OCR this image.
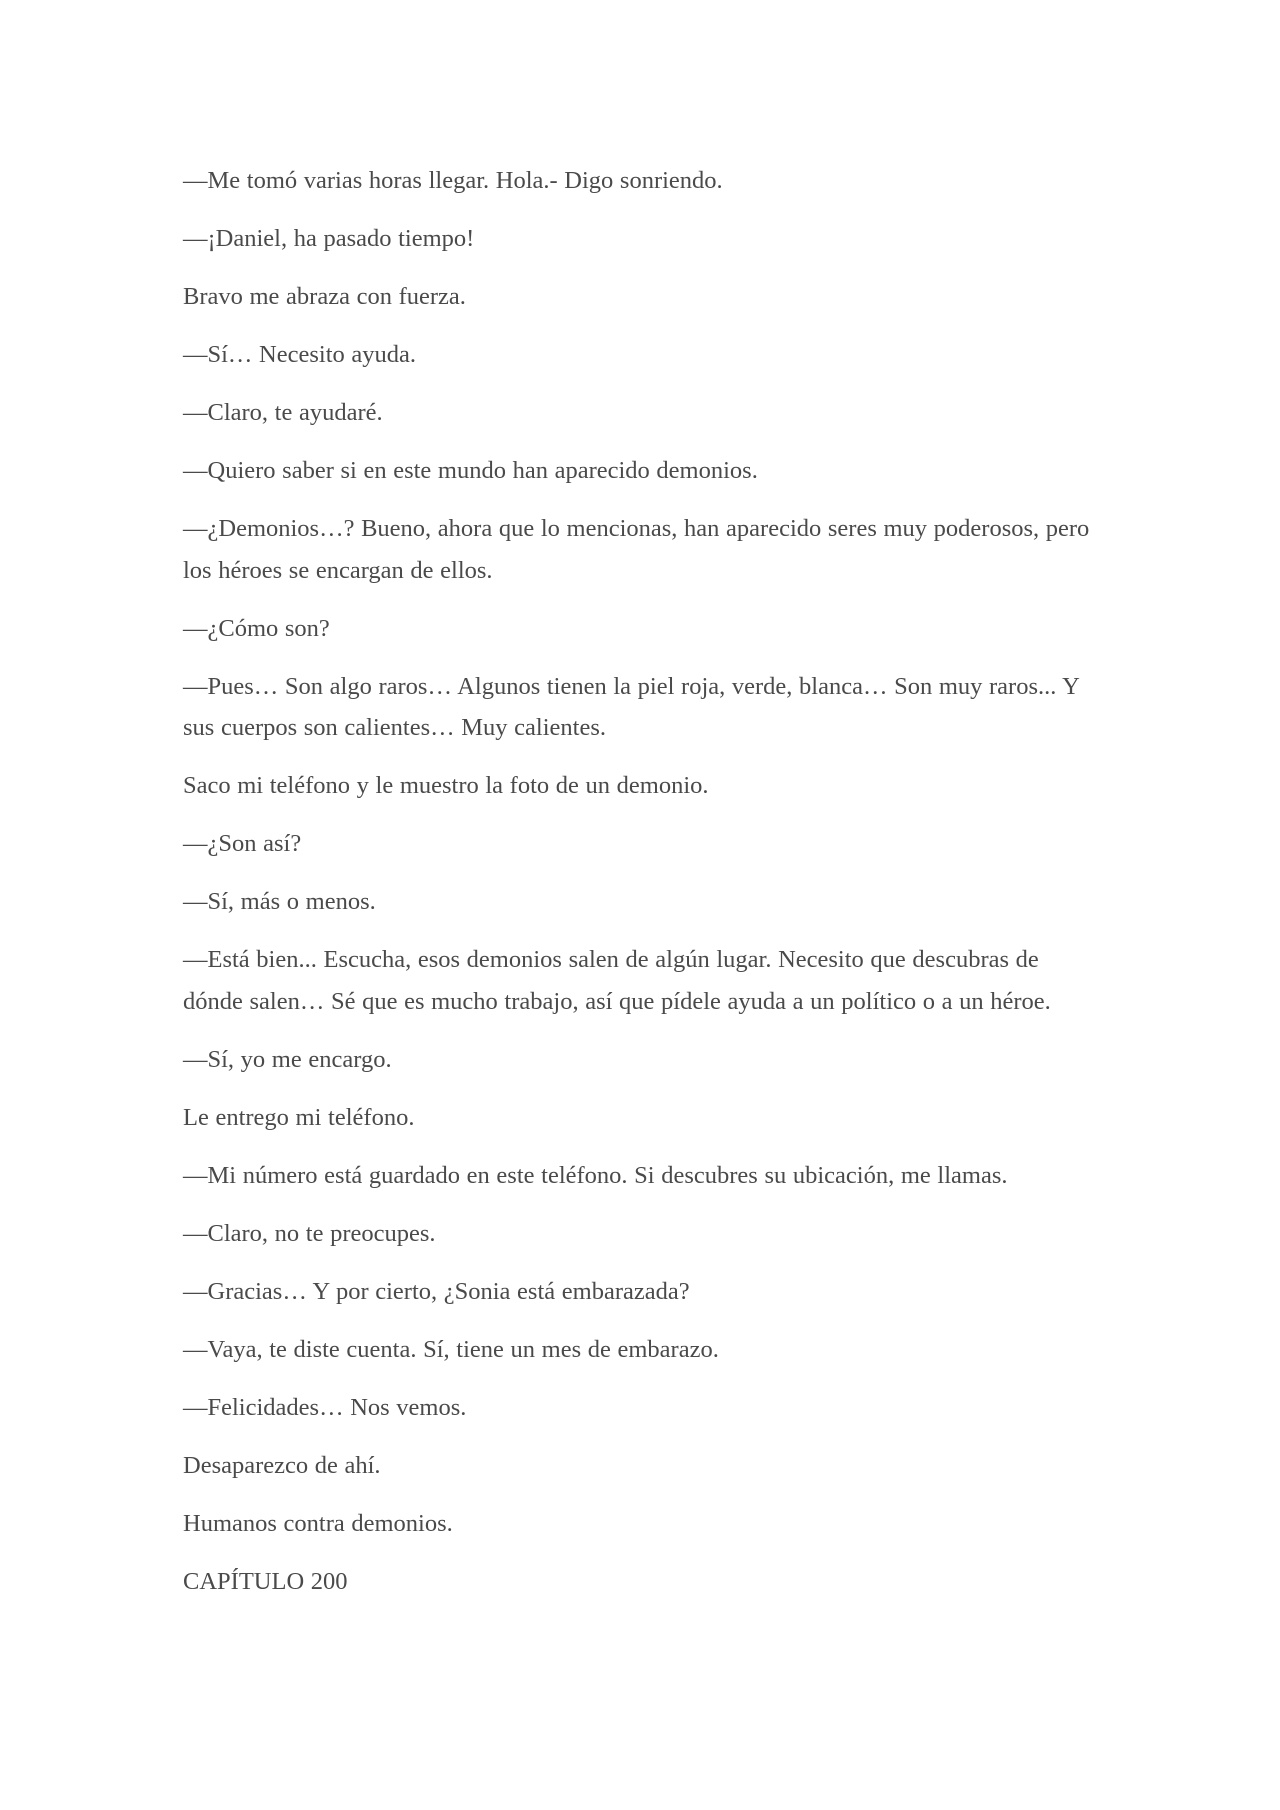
—Me tomó varias horas llegar. Hola.- Digo sonriendo.

—¡Daniel, ha pasado tiempo!

Bravo me abraza con fuerza.

—Sí… Necesito ayuda.

—Claro, te ayudaré.

—Quiero saber si en este mundo han aparecido demonios.

—¿Demonios…? Bueno, ahora que lo mencionas, han aparecido seres muy poderosos, pero los héroes se encargan de ellos.

—¿Cómo son?

—Pues… Son algo raros… Algunos tienen la piel roja, verde, blanca… Son muy raros... Y sus cuerpos son calientes… Muy calientes.

Saco mi teléfono y le muestro la foto de un demonio.

—¿Son así?

—Sí, más o menos.

—Está bien... Escucha, esos demonios salen de algún lugar. Necesito que descubras de dónde salen… Sé que es mucho trabajo, así que pídele ayuda a un político o a un héroe.

—Sí, yo me encargo.

Le entrego mi teléfono.

—Mi número está guardado en este teléfono. Si descubres su ubicación, me llamas.

—Claro, no te preocupes.

—Gracias… Y por cierto, ¿Sonia está embarazada?

—Vaya, te diste cuenta. Sí, tiene un mes de embarazo.

—Felicidades… Nos vemos.

Desaparezco de ahí.

Humanos contra demonios.

CAPÍTULO 200
